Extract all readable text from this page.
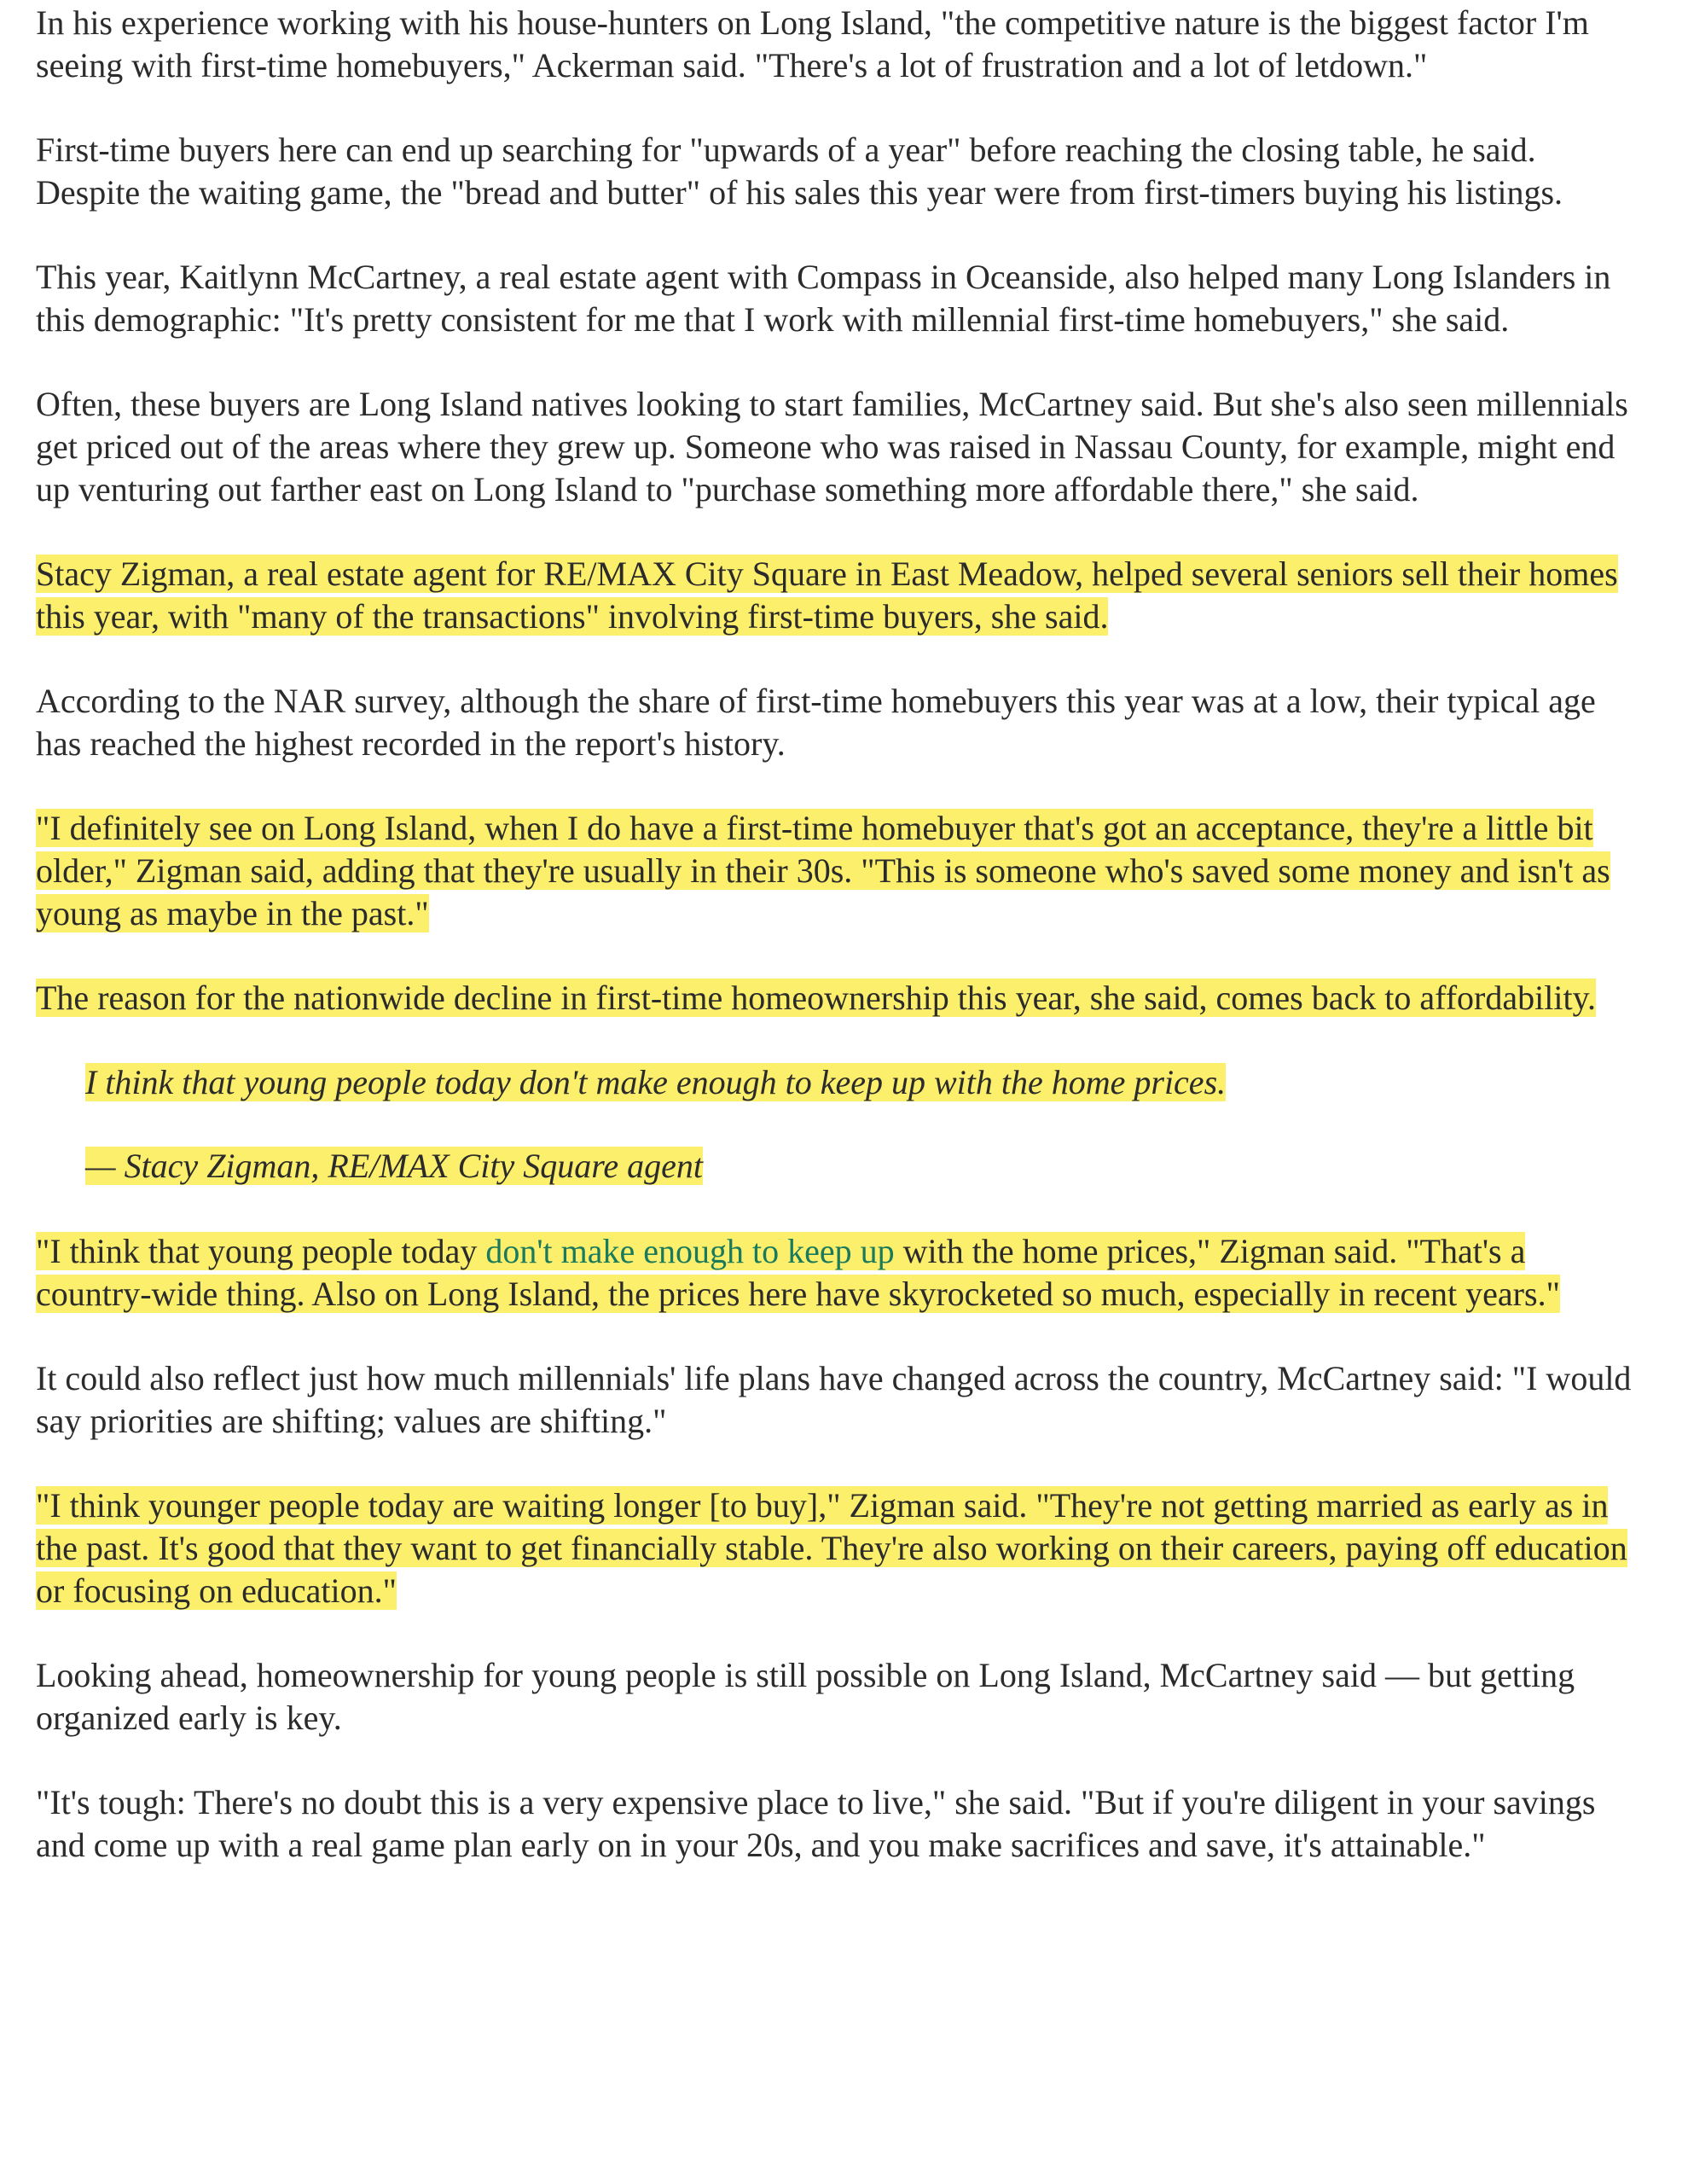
In his experience working with his house-hunters on Long Island, "the competitive nature is the biggest factor I'm seeing with first-time homebuyers," Ackerman said. "There's a lot of frustration and a lot of letdown."

First-time buyers here can end up searching for "upwards of a year" before reaching the closing table, he said. Despite the waiting game, the "bread and butter" of his sales this year were from first-timers buying his listings.

This year, Kaitlynn McCartney, a real estate agent with Compass in Oceanside, also helped many Long Islanders in this demographic: "It's pretty consistent for me that I work with millennial first-time homebuyers," she said.

Often, these buyers are Long Island natives looking to start families, McCartney said. But she's also seen millennials get priced out of the areas where they grew up. Someone who was raised in Nassau County, for example, might end up venturing out farther east on Long Island to "purchase something more affordable there," she said.

Stacy Zigman, a real estate agent for RE/MAX City Square in East Meadow, helped several seniors sell their homes this year, with "many of the transactions" involving first-time buyers, she said.

According to the NAR survey, although the share of first-time homebuyers this year was at a low, their typical age has reached the highest recorded in the report's history.

"I definitely see on Long Island, when I do have a first-time homebuyer that's got an acceptance, they're a little bit older," Zigman said, adding that they're usually in their 30s. "This is someone who's saved some money and isn't as young as maybe in the past."

The reason for the nationwide decline in first-time homeownership this year, she said, comes back to affordability.

I think that young people today don't make enough to keep up with the home prices.

— Stacy Zigman, RE/MAX City Square agent

"I think that young people today don't make enough to keep up with the home prices," Zigman said. "That's a country-wide thing. Also on Long Island, the prices here have skyrocketed so much, especially in recent years."

It could also reflect just how much millennials' life plans have changed across the country, McCartney said: "I would say priorities are shifting; values are shifting."

"I think younger people today are waiting longer [to buy]," Zigman said. "They're not getting married as early as in the past. It's good that they want to get financially stable. They're also working on their careers, paying off education or focusing on education."

Looking ahead, homeownership for young people is still possible on Long Island, McCartney said — but getting organized early is key.

"It's tough: There's no doubt this is a very expensive place to live," she said. "But if you're diligent in your savings and come up with a real game plan early on in your 20s, and you make sacrifices and save, it's attainable."
